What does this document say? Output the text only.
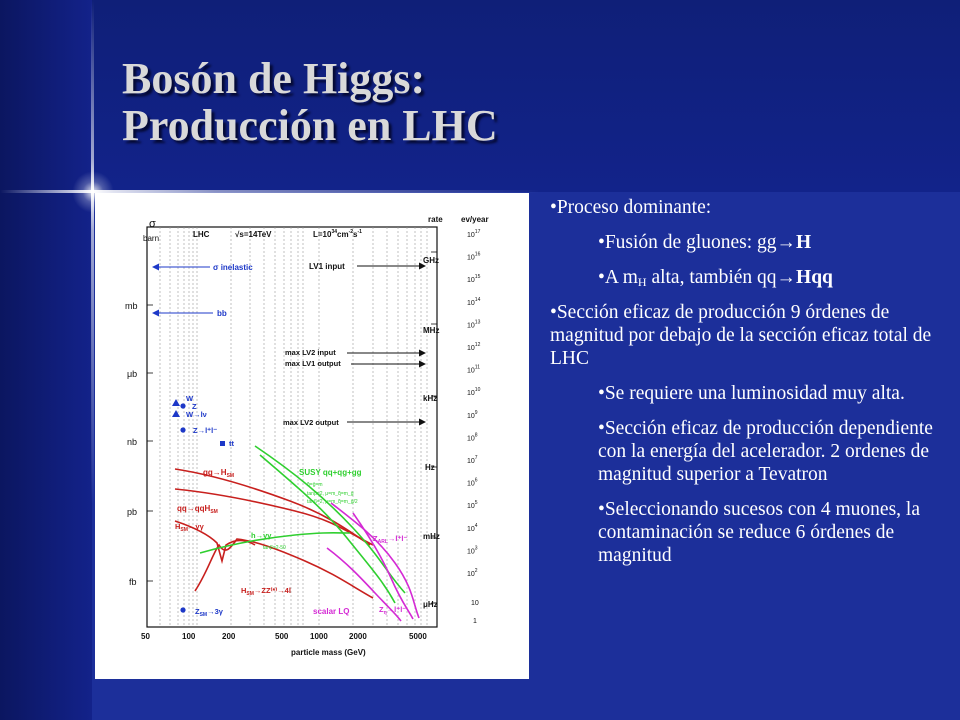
Bosón de Higgs:
Producción en LHC
σ
barn	LHC	√s=14TeV	$L=10^{34}cm^{-2}s^{-1}$
rate ev/year
mb
μb
nb
pb
fb
GHz
MHz
kHz
Hz
mHz
μHz
$10^{17}$
$10^{16}$
$10^{15}$
$10^{14}$
$10^{13}$
$10^{12}$
$10^{11}$
$10^{10}$
$10^9$
$10^8$
$10^7$
$10^6$
$10^5$
$10^4$
$10^3$
$10^2$
10
1
50	100	200	500	1000	2000	5000
particle mass (GeV)
σ inelastic
bb
LV1 input
max LV2 input
max LV1 output
max LV2 output
W
Z
W→lν
Z→l⁺l⁻
tt
$Z_{SM}\to 3\gamma$
$gg\to H_{SM}$
qq→qqH$_{SM}$
$H_{SM}\to\gamma\gamma$
$H_{SM}\to ZZ^(*^)\to 4l$
SUSY qq+qg+gg
q̃=ĝ=m
tanβ=2, μ=m_q̃=m_ĝ
tanβ=2, μ=m_q̃=m_ĝ/2
h→γγ
tanβ=2-50
$Z_{ARL}\to l^+l^-$
scalar LQ	$Z_\eta\to l^+l^-$

•Proceso dominante:

•Fusión de gluones: gg→H

•A $m_H$ alta, también qq→Hqq

•Sección eficaz de producción 9 órdenes de magnitud por debajo de la sección eficaz total de LHC

•Se requiere una luminosidad muy alta.

•Sección eficaz de producción dependiente con la energía del acelerador. 2 ordenes de magnitud superior a Tevatron

•Seleccionando sucesos con 4 muones, la contaminación se reduce 6 órdenes de magnitud
